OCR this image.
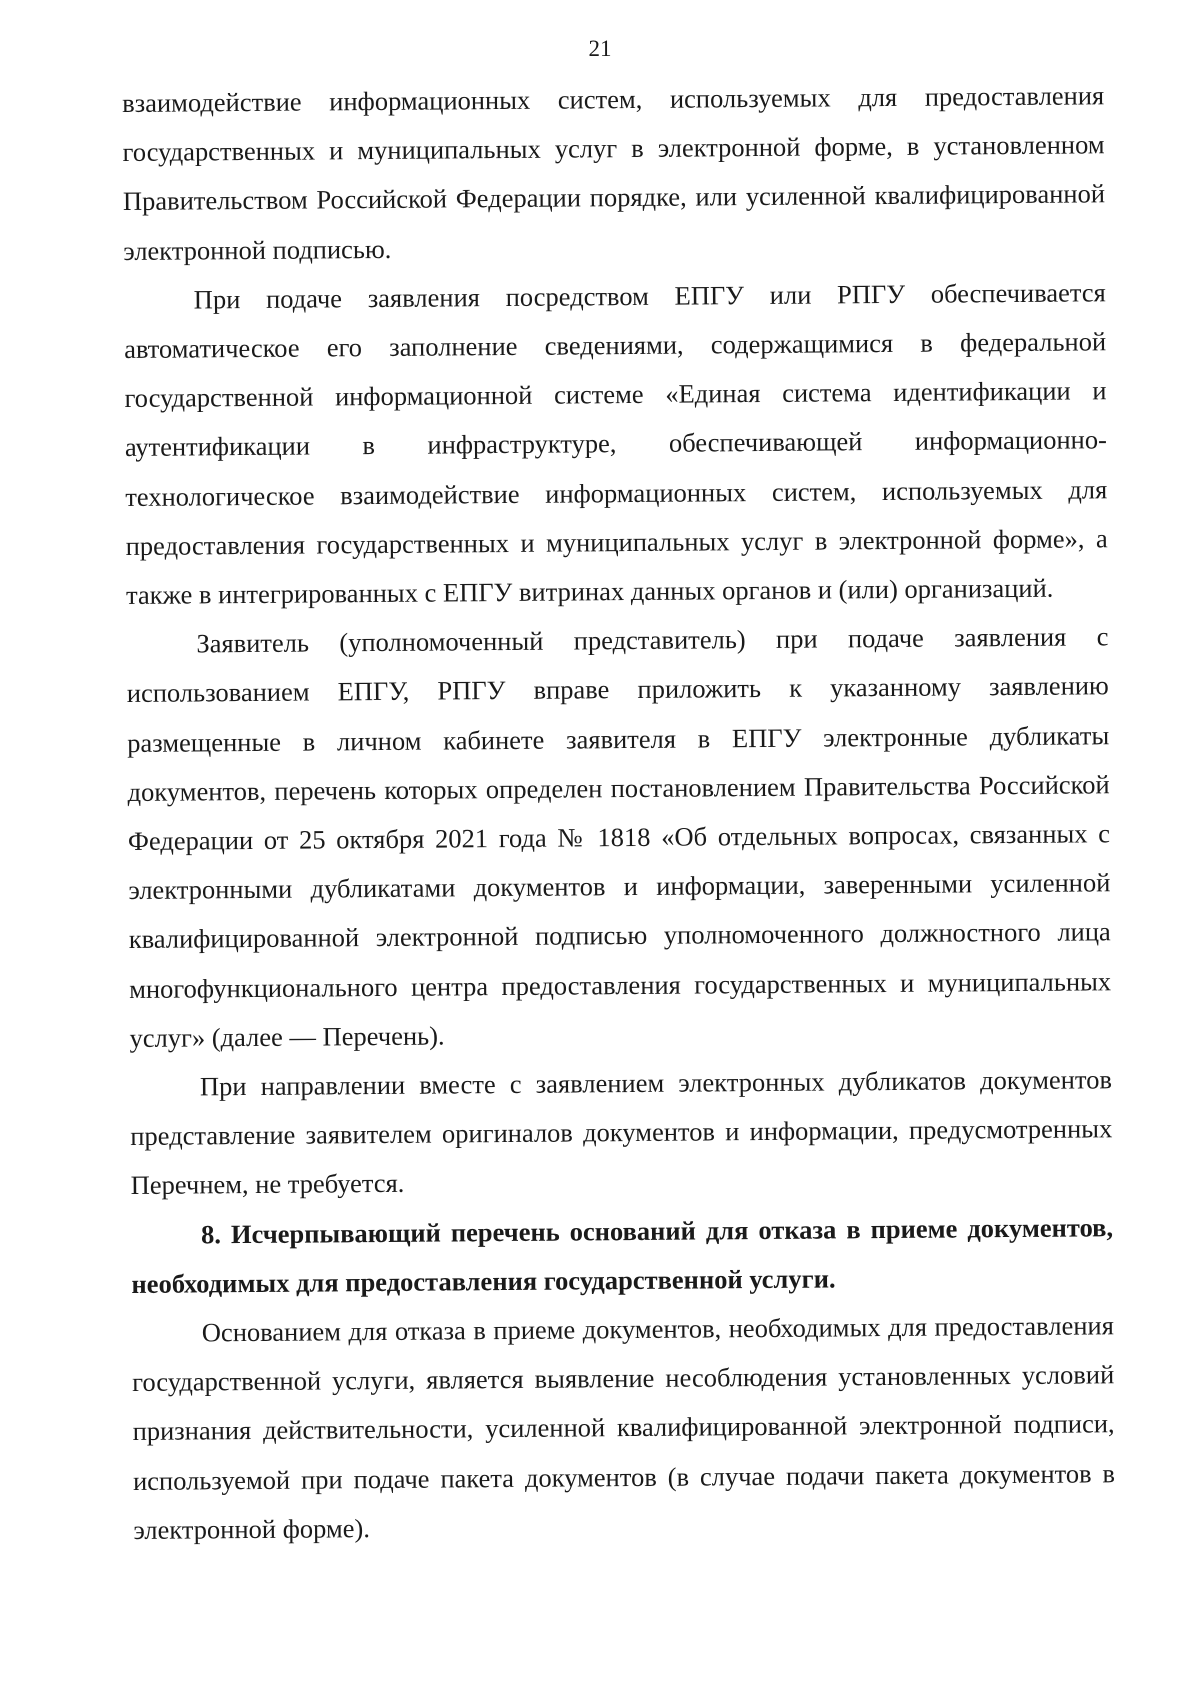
21

взаимодействие информационных систем, используемых для предоставления государственных и муниципальных услуг в электронной форме, в установленном Правительством Российской Федерации порядке, или усиленной квалифицированной электронной подписью.

При подаче заявления посредством ЕПГУ или РПГУ обеспечивается автоматическое его заполнение сведениями, содержащимися в федеральной государственной информационной системе «Единая система идентификации и аутентификации в инфраструктуре, обеспечивающей информационно-технологическое взаимодействие информационных систем, используемых для предоставления государственных и муниципальных услуг в электронной форме», а также в интегрированных с ЕПГУ витринах данных органов и (или) организаций.

Заявитель (уполномоченный представитель) при подаче заявления с использованием ЕПГУ, РПГУ вправе приложить к указанному заявлению размещенные в личном кабинете заявителя в ЕПГУ электронные дубликаты документов, перечень которых определен постановлением Правительства Российской Федерации от 25 октября 2021 года № 1818 «Об отдельных вопросах, связанных с электронными дубликатами документов и информации, заверенными усиленной квалифицированной электронной подписью уполномоченного должностного лица многофункционального центра предоставления государственных и муниципальных услуг» (далее — Перечень).

При направлении вместе с заявлением электронных дубликатов документов представление заявителем оригиналов документов и информации, предусмотренных Перечнем, не требуется.

8. Исчерпывающий перечень оснований для отказа в приеме документов, необходимых для предоставления государственной услуги.

Основанием для отказа в приеме документов, необходимых для предоставления государственной услуги, является выявление несоблюдения установленных условий признания действительности, усиленной квалифицированной электронной подписи, используемой при подаче пакета документов (в случае подачи пакета документов в электронной форме).
